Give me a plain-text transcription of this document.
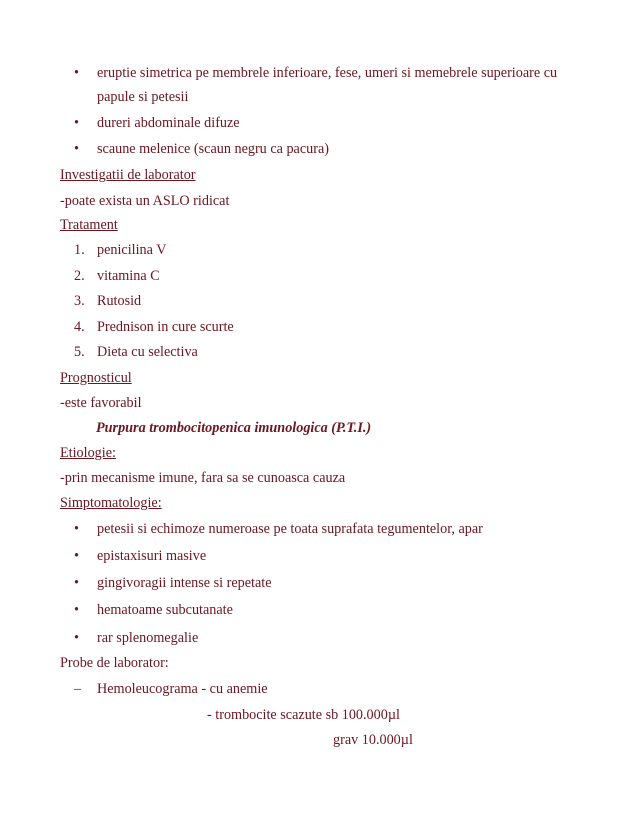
• eruptie simetrica pe membrele inferioare, fese, umeri si memebrele superioare cu
papule si petesii
• dureri abdominale difuze
• scaune melenice (scaun negru ca pacura)
Investigatii de laborator
-poate exista un ASLO ridicat
Tratament
1. penicilina V
2. vitamina C
3. Rutosid
4. Prednison in cure scurte
5. Dieta cu selectiva
Prognosticul
-este favorabil
Purpura trombocitopenica imunologica (P.T.I.)
Etiologie:
-prin mecanisme imune, fara sa se cunoasca cauza
Simptomatologie:
• petesii si echimoze numeroase pe toata suprafata tegumentelor, apar
• epistaxisuri masive
• gingivoragii intense si repetate
• hematoame subcutanate
• rar splenomegalie
Probe de laborator:
– Hemoleucograma - cu anemie
- trombocite scazute sb 100.000µl
grav 10.000µl
